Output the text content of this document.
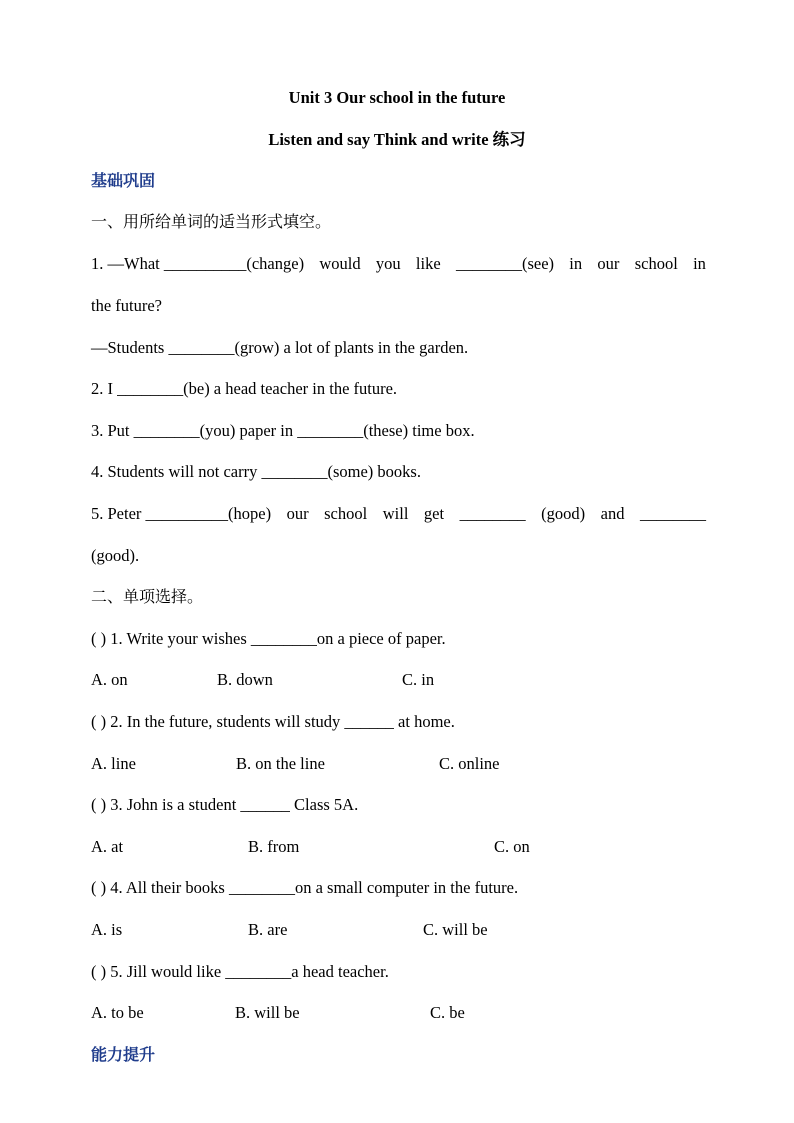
Unit 3 Our school in the future
Listen and say Think and write 练习
基础巩固
一、用所给单词的适当形式填空。
1. —What __________(change) would you like ________(see) in our school in
the future?
—Students ________(grow) a lot of plants in the garden.
2. I ________(be) a head teacher in the future.
3. Put ________(you) paper in ________(these) time box.
4. Students will not carry ________(some) books.
5. Peter __________(hope) our school will get ________ (good) and ________
(good).
二、单项选择。
( ) 1. Write your wishes ________on a piece of paper.
A. on	B. down	C. in
( ) 2. In the future, students will study ______ at home.
A. line	B. on the line	C. online
( ) 3. John is a student ______ Class 5A.
A. at	B. from	C. on
( ) 4. All their books ________on a small computer in the future.
A. is	B. are	C. will be
( ) 5. Jill would like ________a head teacher.
A. to be	B. will be	C. be
能力提升
